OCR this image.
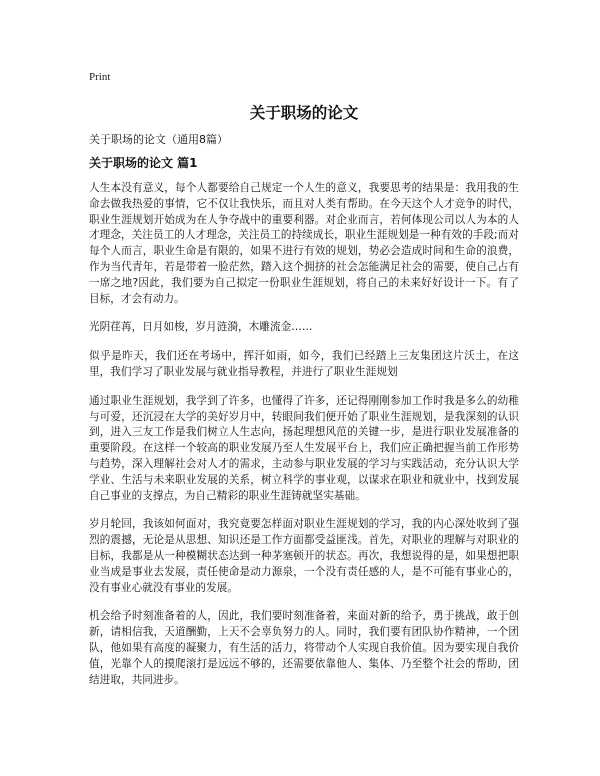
Print
关于职场的论文
关于职场的论文（通用8篇）
关于职场的论文 篇1
人生本没有意义，每个人都要给自己规定一个人生的意义，我要思考的结果是：我用我的生命去做我热爱的事情，它不仅让我快乐，而且对人类有帮助。在今天这个人才竞争的时代，职业生涯规划开始成为在人争夺战中的重要利器。对企业而言，若何体现公司以人为本的人才理念，关注员工的人才理念，关注员工的持续成长，职业生涯规划是一种有效的手段;而对每个人而言，职业生命是有限的，如果不进行有效的规划，势必会造成时间和生命的浪费，作为当代青年，若是带着一脸茫然，踏入这个拥挤的社会怎能满足社会的需要，使自己占有一席之地?因此，我们要为自己拟定一份职业生涯规划，将自己的未来好好设计一下。有了目标，才会有动力。
光阴荏苒，日月如梭，岁月涟漪，木雕流金……
似乎是昨天，我们还在考场中，挥汗如雨，如今，我们已经踏上三友集团这片沃土，在这里，我们学习了职业发展与就业指导教程，并进行了职业生涯规划
通过职业生涯规划，我学到了许多，也懂得了许多，还记得刚刚参加工作时我是多么的幼稚与可爱，还沉浸在大学的美好岁月中，转眼间我们便开始了职业生涯规划，是我深刻的认识到，进入三友工作是我们树立人生志向，扬起理想风范的关键一步，是进行职业发展准备的重要阶段。在这样一个较高的职业发展乃至人生发展平台上，我们应正确把握当前工作形势与趋势，深入理解社会对人才的需求，主动参与职业发展的学习与实践活动，充分认识大学学业、生活与未来职业发展的关系，树立科学的事业观，以谋求在职业和就业中，找到发展自己事业的支撑点，为自己精彩的职业生涯铸就坚实基础。
岁月轮回，我该如何面对，我究竟要怎样面对职业生涯规划的学习，我的内心深处收到了强烈的震撼，无论是从思想、知识还是工作方面都受益匪浅。首先，对职业的理解与对职业的目标，我都是从一种模糊状态达到一种茅塞顿开的状态。再次，我想说得的是，如果想把职业当成是事业去发展，责任使命是动力源泉，一个没有责任感的人，是不可能有事业心的，没有事业心就没有事业的发展。
机会给予时刻准备着的人，因此，我们要时刻准备着，来面对新的给予，勇于挑战，敢于创新，请相信我，天道酬勤，上天不会辜负努力的人。同时，我们要有团队协作精神，一个团队，他如果有高度的凝聚力，有生活的活力，将带动个人实现自我价值。因为要实现自我价值，光靠个人的摸爬滚打是远远不够的，还需要依靠他人、集体、乃至整个社会的帮助，团结进取，共同进步。
